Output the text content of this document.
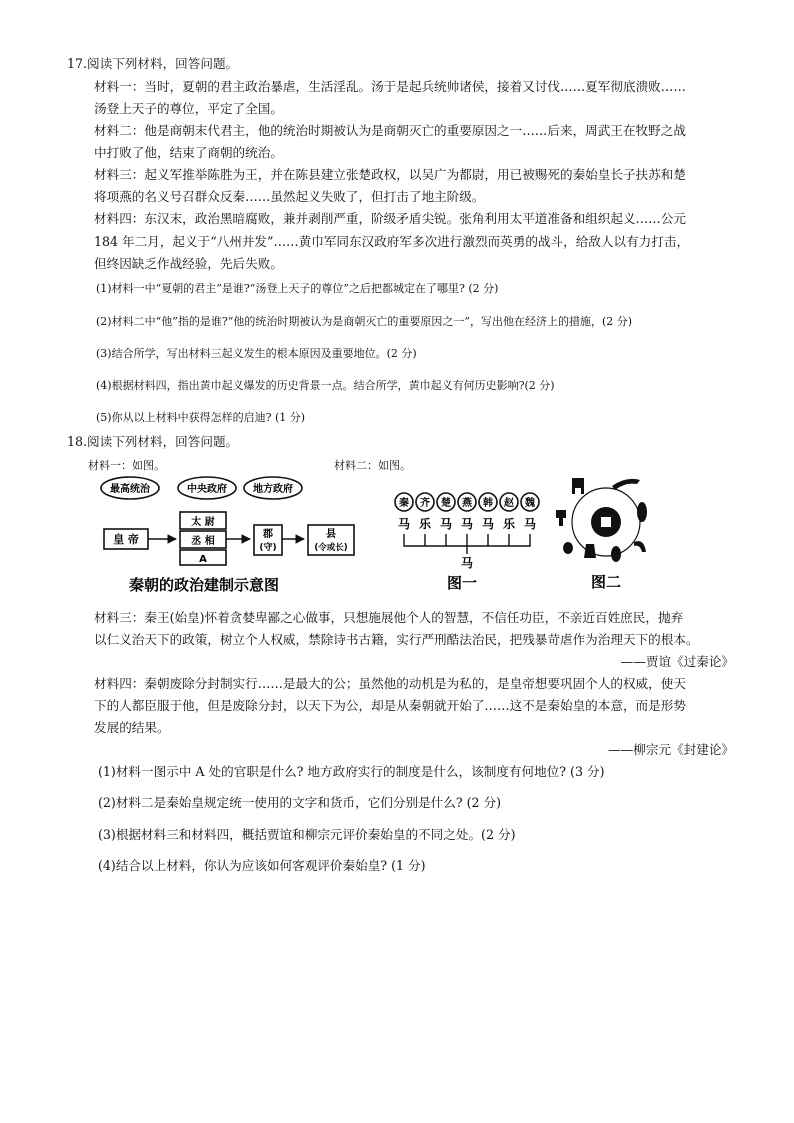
17.阅读下列材料，回答问题。
材料一：当时，夏朝的君主政治暴虐，生活淫乱。汤于是起兵统帅诸侯，接着又讨伐……夏军彻底溃败……
汤登上天子的尊位，平定了全国。
材料二：他是商朝末代君主，他的统治时期被认为是商朝灭亡的重要原因之一……后来，周武王在牧野之战
中打败了他，结束了商朝的统治。
材料三：起义军推举陈胜为王，并在陈县建立张楚政权，以吴广为都尉，用已被赐死的秦始皇长子扶苏和楚
将项燕的名义号召群众反秦……虽然起义失败了，但打击了地主阶级。
材料四：东汉末，政治黑暗腐败，兼并剥削严重，阶级矛盾尖锐。张角利用太平道准备和组织起义……公元
184 年二月，起义于“八州并发”……黄巾军同东汉政府军多次进行激烈而英勇的战斗，给敌人以有力打击，
但终因缺乏作战经验，先后失败。
(1)材料一中“夏朝的君主”是谁?“汤登上天子的尊位”之后把都城定在了哪里? (2 分)
(2)材料二中“他”指的是谁?“他的统治时期被认为是商朝灭亡的重要原因之一”，写出他在经济上的措施，(2 分)
(3)结合所学，写出材料三起义发生的根本原因及重要地位。(2 分)
(4)根据材料四，指出黄巾起义爆发的历史背景一点。结合所学，黄巾起义有何历史影响?(2 分)
(5)你从以上材料中获得怎样的启迪? (1 分)
18.阅读下列材料，回答问题。
材料一：如图。	材料二：如图。
最高统治	中央政府	地方政府
皇 帝
太 尉
丞 相
A
郡
(守)
县
(令或长)
秦朝的政治建制示意图
秦 齐 楚 燕 韩 赵 魏
马 乐 马 马 马 乐 马
马
图一	图二
材料三：秦王(始皇)怀着贪婪卑鄙之心做事，只想施展他个人的智慧，不信任功臣，不亲近百姓庶民，抛弃
以仁义治天下的政策，树立个人权威，禁除诗书古籍，实行严刑酷法治民，把残暴苛虐作为治理天下的根本。
——贾谊《过秦论》
材料四：秦朝废除分封制实行……是最大的公；虽然他的动机是为私的，是皇帝想要巩固个人的权威，使天
下的人都臣服于他，但是废除分封，以天下为公，却是从秦朝就开始了……这不是秦始皇的本意，而是形势
发展的结果。
——柳宗元《封建论》
(1)材料一图示中 A 处的官职是什么? 地方政府实行的制度是什么，该制度有何地位? (3 分)
(2)材料二是秦始皇规定统一使用的文字和货币，它们分别是什么? (2 分)
(3)根据材料三和材料四，概括贾谊和柳宗元评价秦始皇的不同之处。(2 分)
(4)结合以上材料，你认为应该如何客观评价秦始皇? (1 分)
